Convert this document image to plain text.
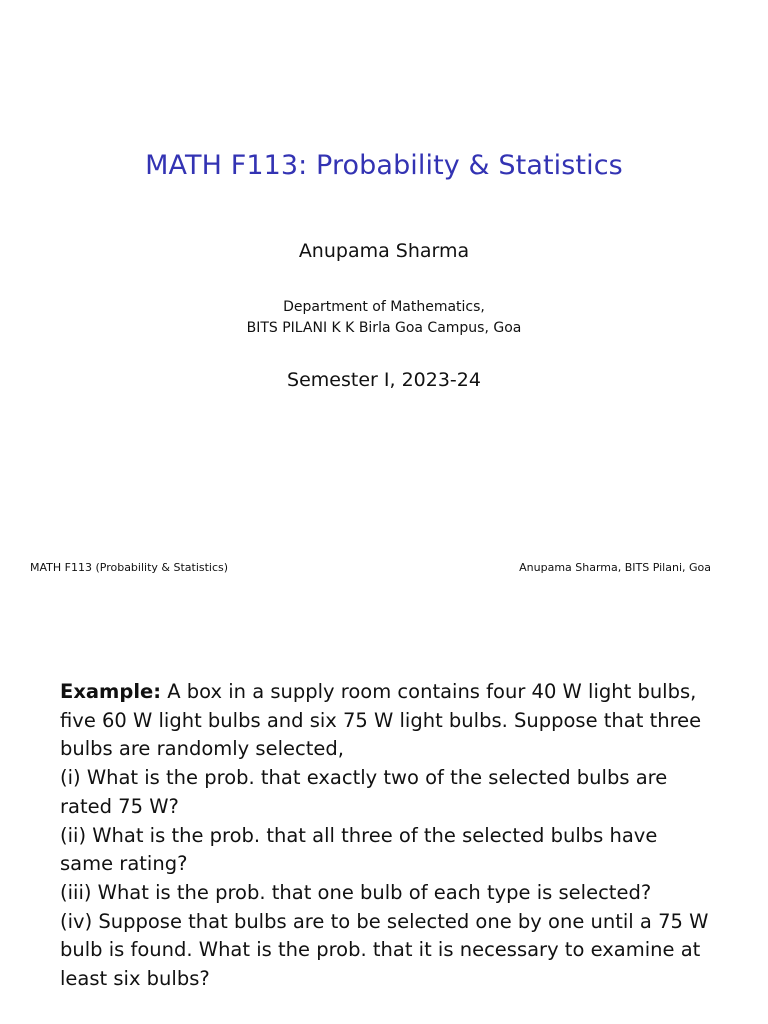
MATH F113: Probability & Statistics
Anupama Sharma
Department of Mathematics,
BITS PILANI K K Birla Goa Campus, Goa
Semester I, 2023-24
MATH F113 (Probability & Statistics)	Anupama Sharma, BITS Pilani, Goa

Example: A box in a supply room contains four 40 W light bulbs,
five 60 W light bulbs and six 75 W light bulbs. Suppose that three
bulbs are randomly selected,
(i) What is the prob. that exactly two of the selected bulbs are
rated 75 W?
(ii) What is the prob. that all three of the selected bulbs have
same rating?
(iii) What is the prob. that one bulb of each type is selected?
(iv) Suppose that bulbs are to be selected one by one until a 75 W
bulb is found. What is the prob. that it is necessary to examine at
least six bulbs?
